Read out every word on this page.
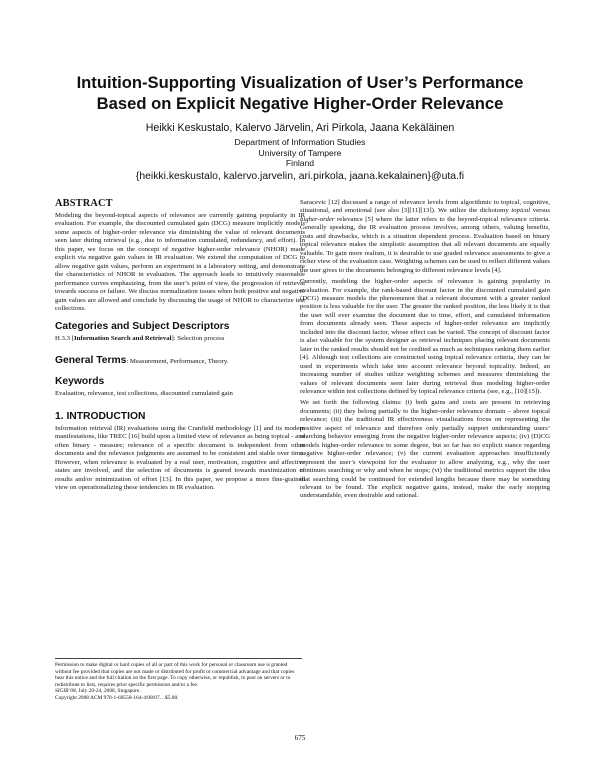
Intuition-Supporting Visualization of User’s Performance
Based on Explicit Negative Higher-Order Relevance
Heikki Keskustalo, Kalervo Järvelin, Ari Pirkola, Jaana Kekäläinen
Department of Information Studies
University of Tampere
Finland
{heikki.keskustalo, kalervo.jarvelin, ari.pirkola, jaana.kekalainen}@uta.fi
ABSTRACT

Modeling the beyond-topical aspects of relevance are currently gaining popularity in IR evaluation. For example, the discounted cumulated gain (DCG) measure implicitly models some aspects of higher-order relevance via diminishing the value of relevant documents seen later during retrieval (e.g., due to information cumulated, redundancy, and effort). In this paper, we focus on the concept of negative higher-order relevance (NHOR) made explicit via negative gain values in IR evaluation. We extend the computation of DCG to allow negative gain values, perform an experiment in a laboratory setting, and demonstrate the characteristics of NHOR in evaluation. The approach leads to intuitively reasonable performance curves emphasizing, from the user’s point of view, the progression of retrieval towards success or failure. We discuss normalization issues when both positive and negative gain values are allowed and conclude by discussing the usage of NHOR to characterize test collections.

Categories and Subject Descriptors

H.3.3 [Information Search and Retrieval]: Selection process

General Terms: Measurement, Performance, Theory.

Keywords

Evaluation, relevance, test collections, discounted cumulated gain

1. INTRODUCTION

Information retrieval (IR) evaluations using the Cranfield methodology [1] and its modern manifestations, like TREC [16] build upon a limited view of relevance as being topical - and often binary - measure; relevance of a specific document is independent from other documents and the relevance judgments are assumed to be consistent and stable over time. However, when relevance is evaluated by a real user, motivation, cognitive and affective states are involved, and the selection of documents is geared towards maximization of results and/or minimization of effort [13]. In this paper, we propose a more fine-grained view on operationalizing these tendencies in IR evaluation.

Permission to make digital or hard copies of all or part of this work for personal or classroom use is granted without fee provided that copies are not made or distributed for profit or commercial advantage and that copies bear this notice and the full citation on the first page. To copy otherwise, or republish, to post on servers or to redistribute to lists, requires prior specific permission and/or a fee.

SIGIR’08, July 20-24, 2008, Singapore.

Copyright 2008 ACM 978-1-60558-164-4/08/07…$5.00.

Saracevic [12] discussed a range of relevance levels from algorithmic to topical, cognitive, situational, and emotional (see also [3][11][13]). We utilize the dichotomy topical versus higher-order relevance [5] where the latter refers to the beyond-topical relevance criteria. Generally speaking, the IR evaluation process involves, among others, valuing benefits, costs and drawbacks, which is a situation dependent process. Evaluation based on binary topical relevance makes the simplistic assumption that all relevant documents are equally valuable. To gain more realism, it is desirable to use graded relevance assessments to give a richer view of the evaluation case. Weighting schemes can be used to reflect different values the user gives to the documents belonging to different relevance levels [4].

Currently, modeling the higher-order aspects of relevance is gaining popularity in evaluation. For example, the rank-based discount factor in the discounted cumulated gain (DCG) measure models the phenomenon that a relevant document with a greater ranked position is less valuable for the user. The greater the ranked position, the less likely it is that the user will ever examine the document due to time, effort, and cumulated information from documents already seen. These aspects of higher-order relevance are implicitly included into the discount factor, whose effect can be varied. The concept of discount factor is also valuable for the system designer as retrieval techniques placing relevant documents later in the ranked results should not be credited as much as techniques ranking them earlier [4]. Although test collections are constructed using topical relevance criteria, they can be used in experiments which take into account relevance beyond topicality. Indeed, an increasing number of studies utilize weighting schemes and measures diminishing the values of relevant documents seen later during retrieval thus modeling higher-order relevance within test collections defined by topical relevance criteria (see, e.g., [10][15]).

We set forth the following claims: (i) both gains and costs are present in retrieving documents; (ii) they belong partially to the higher-order relevance domain – above topical relevance; (iii) the traditional IR effectiveness visualizations focus on representing the positive aspect of relevance and therefore only partially support understanding users’ searching behavior emerging from the negative higher-order relevance aspects; (iv) (D)CG models higher-order relevance to some degree, but so far has no explicit stance regarding negative higher-order relevance; (v) the current evaluation approaches insufficiently represent the user’s viewpoint for the evaluator to allow analyzing, e.g., why the user continues searching or why and when he stops; (vi) the traditional metrics support the idea that searching could be continued for extended lengths because there may be something relevant to be found. The explicit negative gains, instead, make the early stopping understandable, even desirable and rational.

675
